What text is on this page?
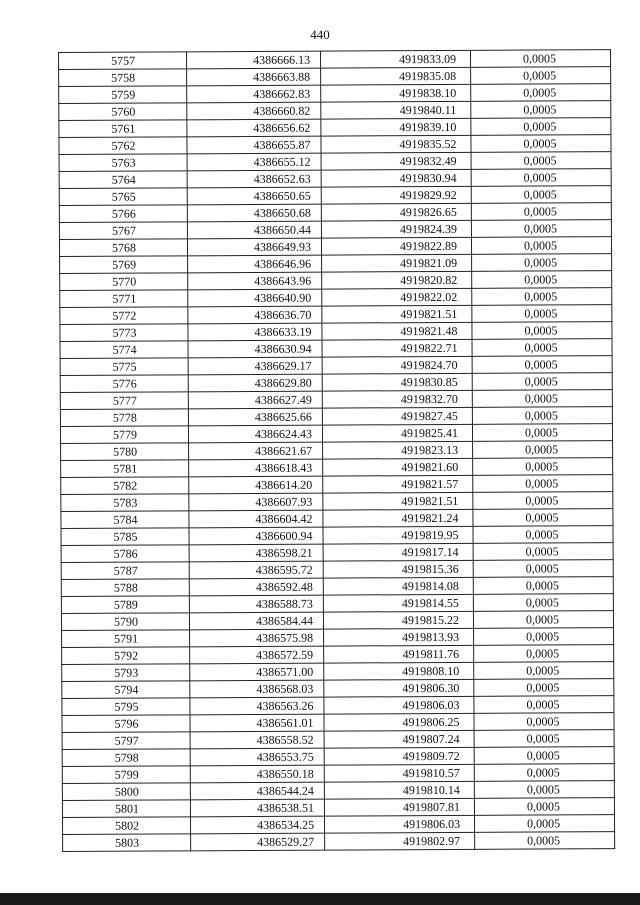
440
5757	4386666.13	4919833.09	0,0005
5758	4386663.88	4919835.08	0,0005
5759	4386662.83	4919838.10	0,0005
5760	4386660.82	4919840.11	0,0005
5761	4386656.62	4919839.10	0,0005
5762	4386655.87	4919835.52	0,0005
5763	4386655.12	4919832.49	0,0005
5764	4386652.63	4919830.94	0,0005
5765	4386650.65	4919829.92	0,0005
5766	4386650.68	4919826.65	0,0005
5767	4386650.44	4919824.39	0,0005
5768	4386649.93	4919822.89	0,0005
5769	4386646.96	4919821.09	0,0005
5770	4386643.96	4919820.82	0,0005
5771	4386640.90	4919822.02	0,0005
5772	4386636.70	4919821.51	0,0005
5773	4386633.19	4919821.48	0,0005
5774	4386630.94	4919822.71	0,0005
5775	4386629.17	4919824.70	0,0005
5776	4386629.80	4919830.85	0,0005
5777	4386627.49	4919832.70	0,0005
5778	4386625.66	4919827.45	0,0005
5779	4386624.43	4919825.41	0,0005
5780	4386621.67	4919823.13	0,0005
5781	4386618.43	4919821.60	0,0005
5782	4386614.20	4919821.57	0,0005
5783	4386607.93	4919821.51	0,0005
5784	4386604.42	4919821.24	0,0005
5785	4386600.94	4919819.95	0,0005
5786	4386598.21	4919817.14	0,0005
5787	4386595.72	4919815.36	0,0005
5788	4386592.48	4919814.08	0,0005
5789	4386588.73	4919814.55	0,0005
5790	4386584.44	4919815.22	0,0005
5791	4386575.98	4919813.93	0,0005
5792	4386572.59	4919811.76	0,0005
5793	4386571.00	4919808.10	0,0005
5794	4386568.03	4919806.30	0,0005
5795	4386563.26	4919806.03	0,0005
5796	4386561.01	4919806.25	0,0005
5797	4386558.52	4919807.24	0,0005
5798	4386553.75	4919809.72	0,0005
5799	4386550.18	4919810.57	0,0005
5800	4386544.24	4919810.14	0,0005
5801	4386538.51	4919807.81	0,0005
5802	4386534.25	4919806.03	0,0005
5803	4386529.27	4919802.97	0,0005
